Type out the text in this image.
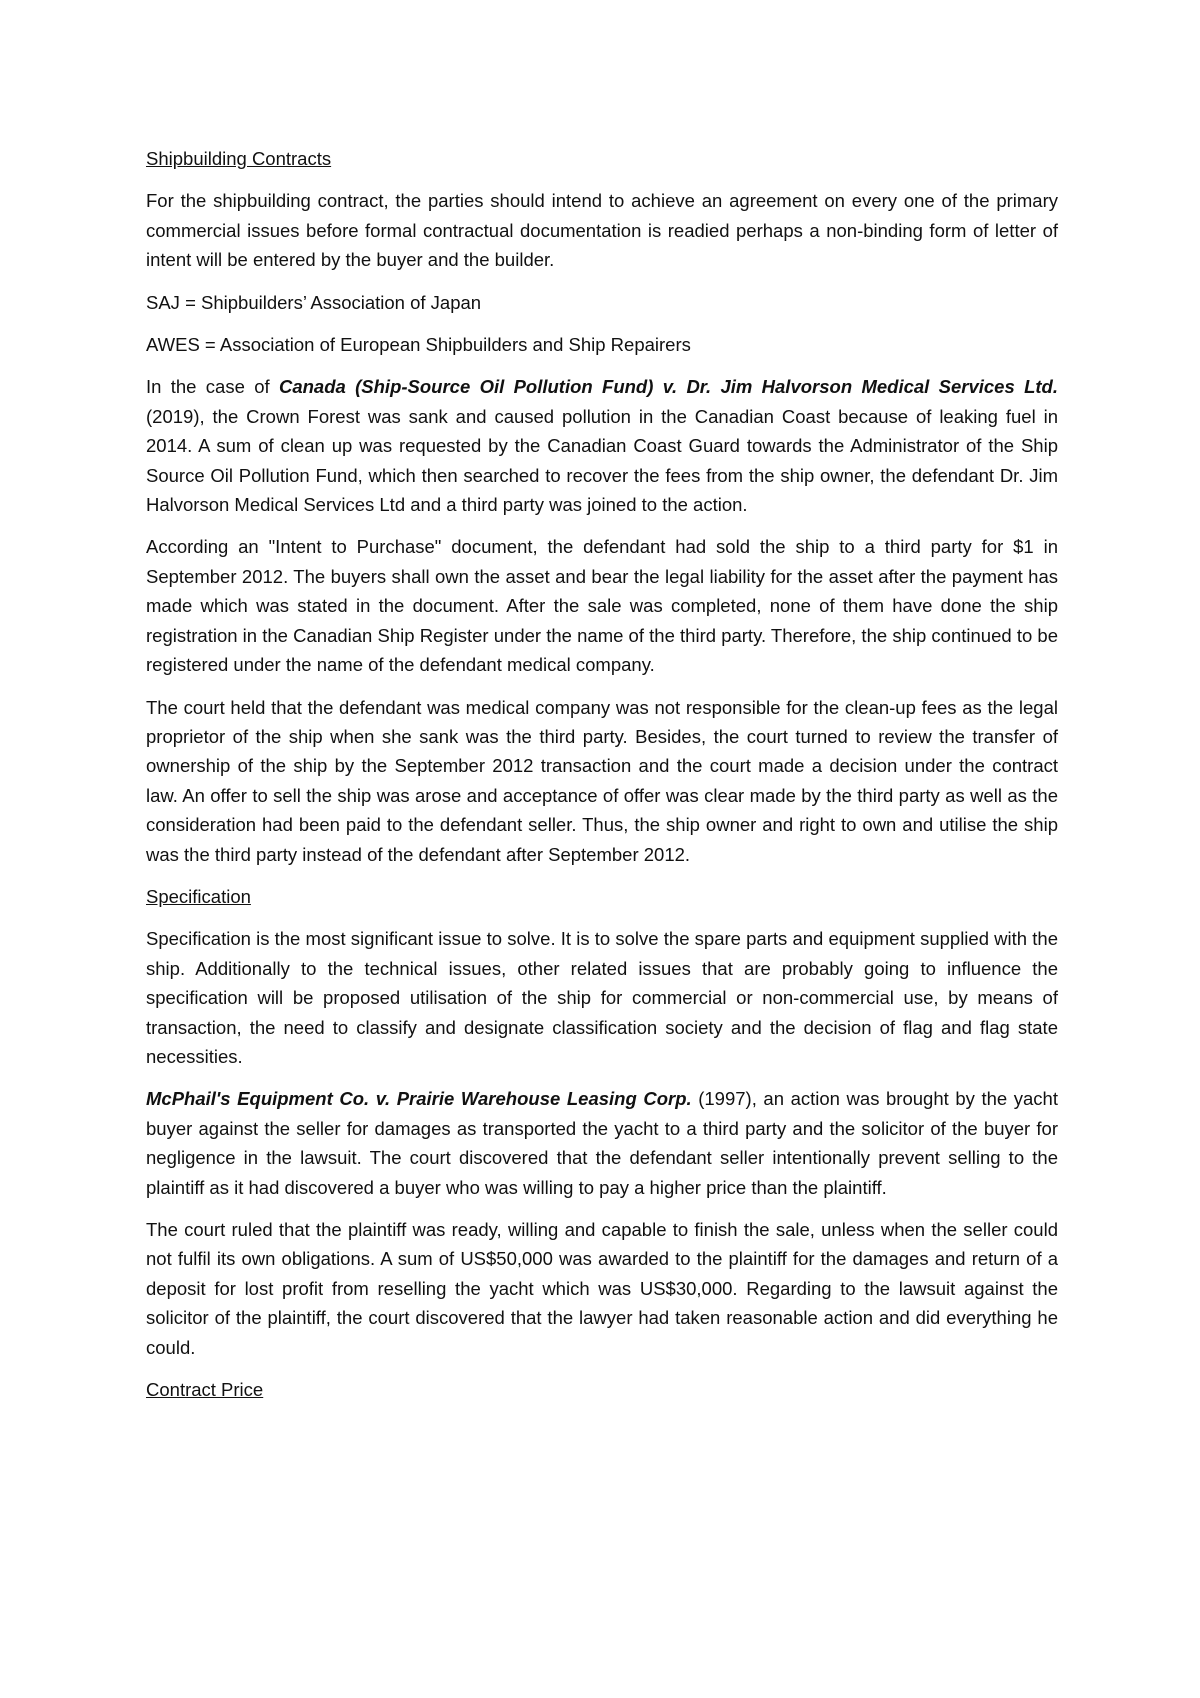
Shipbuilding Contracts

For the shipbuilding contract, the parties should intend to achieve an agreement on every one of the primary commercial issues before formal contractual documentation is readied perhaps a non-binding form of letter of intent will be entered by the buyer and the builder.

SAJ = Shipbuilders’ Association of Japan

AWES = Association of European Shipbuilders and Ship Repairers

In the case of Canada (Ship-Source Oil Pollution Fund) v. Dr. Jim Halvorson Medical Services Ltd. (2019), the Crown Forest was sank and caused pollution in the Canadian Coast because of leaking fuel in 2014. A sum of clean up was requested by the Canadian Coast Guard towards the Administrator of the Ship Source Oil Pollution Fund, which then searched to recover the fees from the ship owner, the defendant Dr. Jim Halvorson Medical Services Ltd and a third party was joined to the action.

According an "Intent to Purchase" document, the defendant had sold the ship to a third party for $1 in September 2012. The buyers shall own the asset and bear the legal liability for the asset after the payment has made which was stated in the document. After the sale was completed, none of them have done the ship registration in the Canadian Ship Register under the name of the third party. Therefore, the ship continued to be registered under the name of the defendant medical company.

The court held that the defendant was medical company was not responsible for the clean-up fees as the legal proprietor of the ship when she sank was the third party. Besides, the court turned to review the transfer of ownership of the ship by the September 2012 transaction and the court made a decision under the contract law. An offer to sell the ship was arose and acceptance of offer was clear made by the third party as well as the consideration had been paid to the defendant seller. Thus, the ship owner and right to own and utilise the ship was the third party instead of the defendant after September 2012.

Specification

Specification is the most significant issue to solve. It is to solve the spare parts and equipment supplied with the ship. Additionally to the technical issues, other related issues that are probably going to influence the specification will be proposed utilisation of the ship for commercial or non-commercial use, by means of transaction, the need to classify and designate classification society and the decision of flag and flag state necessities.

McPhail's Equipment Co. v. Prairie Warehouse Leasing Corp. (1997), an action was brought by the yacht buyer against the seller for damages as transported the yacht to a third party and the solicitor of the buyer for negligence in the lawsuit. The court discovered that the defendant seller intentionally prevent selling to the plaintiff as it had discovered a buyer who was willing to pay a higher price than the plaintiff.

The court ruled that the plaintiff was ready, willing and capable to finish the sale, unless when the seller could not fulfil its own obligations. A sum of US$50,000 was awarded to the plaintiff for the damages and return of a deposit for lost profit from reselling the yacht which was US$30,000. Regarding to the lawsuit against the solicitor of the plaintiff, the court discovered that the lawyer had taken reasonable action and did everything he could.

Contract Price
